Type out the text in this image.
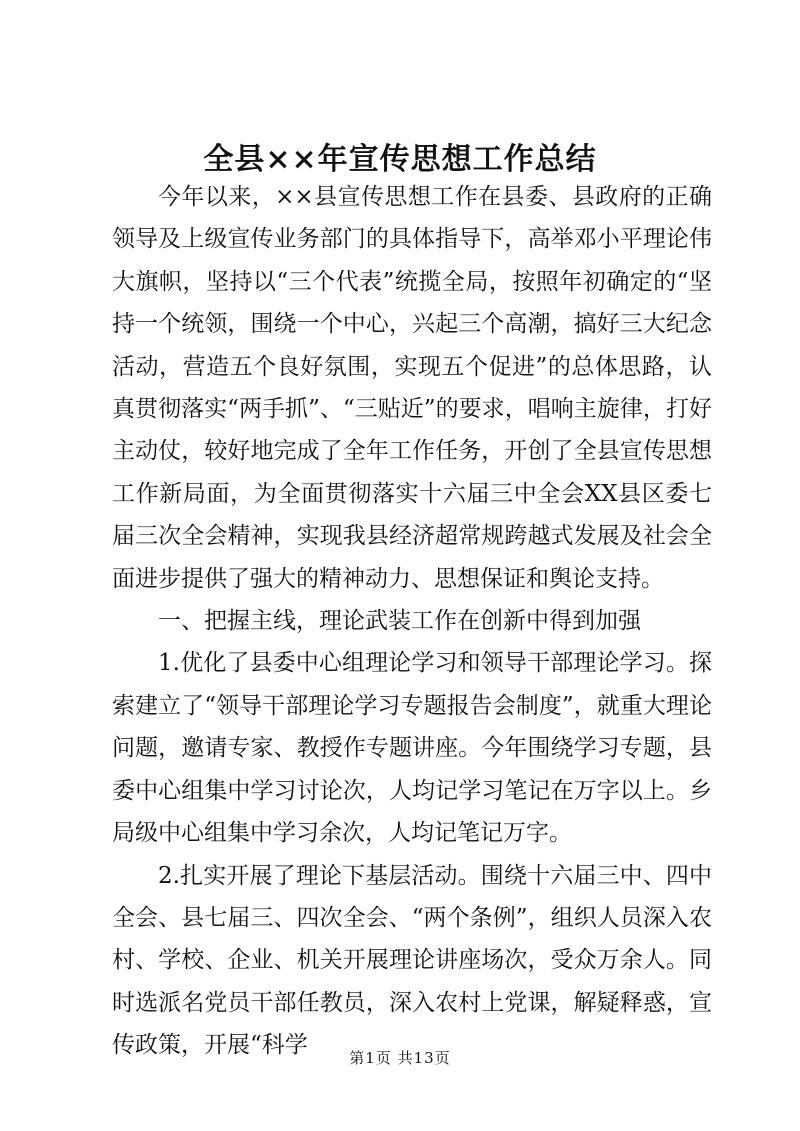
全县××年宣传思想工作总结

今年以来，××县宣传思想工作在县委、县政府的正确领导及上级宣传业务部门的具体指导下，高举邓小平理论伟大旗帜，坚持以“三个代表”统揽全局，按照年初确定的“坚持一个统领，围绕一个中心，兴起三个高潮，搞好三大纪念活动，营造五个良好氛围，实现五个促进”的总体思路，认真贯彻落实“两手抓”、“三贴近”的要求，唱响主旋律，打好主动仗，较好地完成了全年工作任务，开创了全县宣传思想工作新局面，为全面贯彻落实十六届三中全会XX县区委七届三次全会精神，实现我县经济超常规跨越式发展及社会全面进步提供了强大的精神动力、思想保证和舆论支持。

一、把握主线，理论武装工作在创新中得到加强

1.优化了县委中心组理论学习和领导干部理论学习。探索建立了“领导干部理论学习专题报告会制度”，就重大理论问题，邀请专家、教授作专题讲座。今年围绕学习专题，县委中心组集中学习讨论次，人均记学习笔记在万字以上。乡局级中心组集中学习余次，人均记笔记万字。

2.扎实开展了理论下基层活动。围绕十六届三中、四中全会、县七届三、四次全会、“两个条例”，组织人员深入农村、学校、企业、机关开展理论讲座场次，受众万余人。同时选派名党员干部任教员，深入农村上党课，解疑释惑，宣传政策，开展“科学	第1页 共13页
